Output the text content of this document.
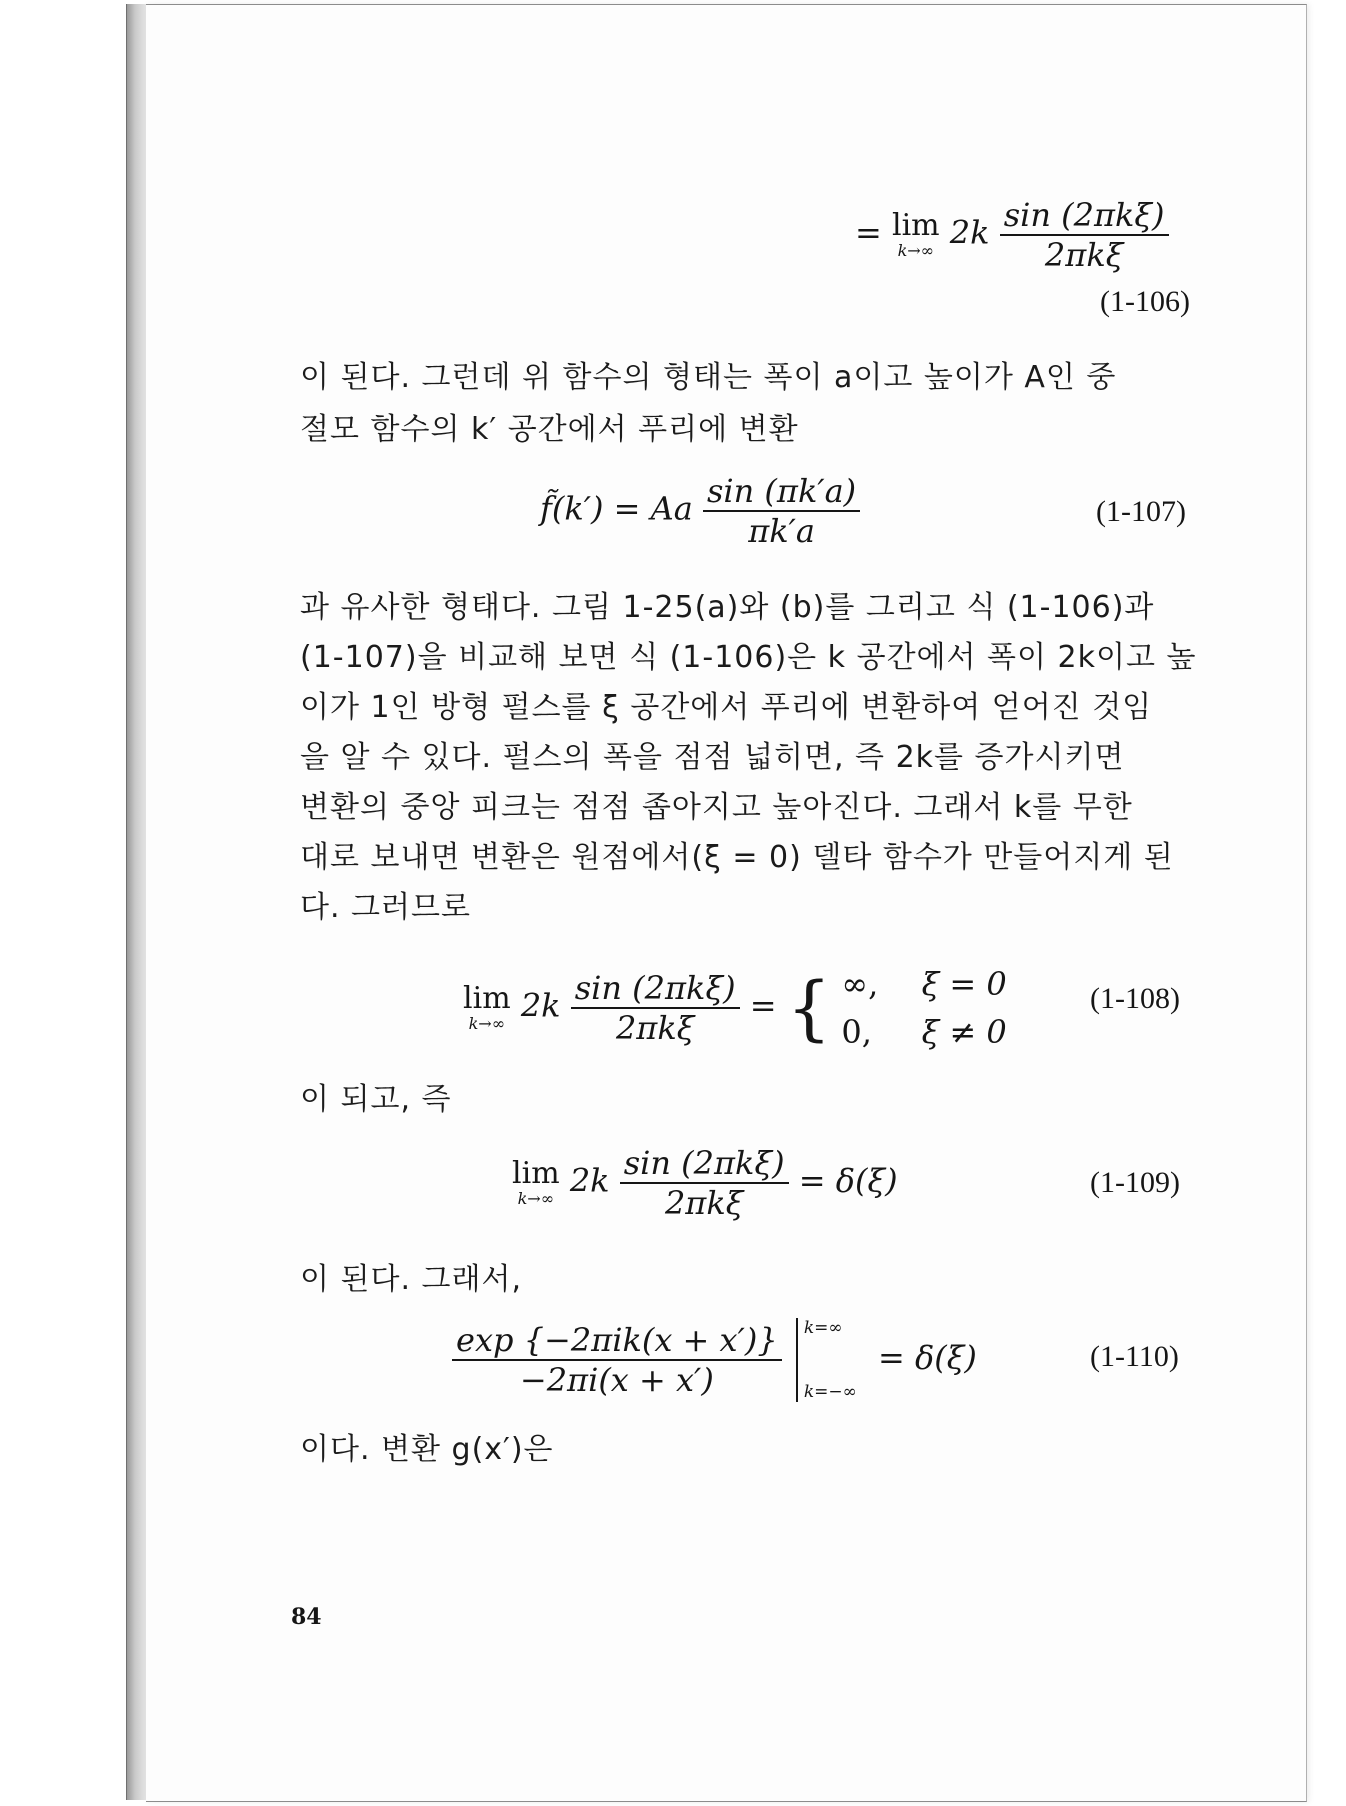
= lim
k→∞ $2k \frac{\text{sin (2πkξ)}}{\text{2πkξ}}$
(1-106)
이 된다. 그런데 위 함수의 형태는 폭이 a이고 높이가 A인 중
절모 함수의 k′ 공간에서 푸리에 변환
f̃(k′) = Aa $\frac{\sin (\pi k'a)}{\pi k'a}$	(1-107)
과 유사한 형태다. 그림 1-25(a)와 (b)를 그리고 식 (1-106)과
(1-107)을 비교해 보면 식 (1-106)은 k 공간에서 폭이 2k이고 높
이가 1인 방형 펄스를 ξ 공간에서 푸리에 변환하여 얻어진 것임
을 알 수 있다. 펄스의 폭을 점점 넓히면, 즉 2k를 증가시키면
변환의 중앙 피크는 점점 좁아지고 높아진다. 그래서 k를 무한
대로 보내면 변환은 원점에서(ξ = 0) 델타 함수가 만들어지게 된
다. 그러므로
lim
k→∞ $2k \frac{\text{sin (2πkξ)}}{\text{2πkξ}}$ = { ∞, ξ = 0
0, ξ ≠ 0
(1-108)
이 되고, 즉
lim
k→∞ $2k \frac{\text{sin (2πkξ)}}{\text{2πkξ}} = \delta(\xi)$	(1-109)
이 된다. 그래서,
$\frac{\text{exp \{−2πik(x + x′)\}}}{-2\pi i(x + x')}$
k=∞
k=−∞
= δ(ξ)	(1-110)
이다. 변환 g(x′)은
84
